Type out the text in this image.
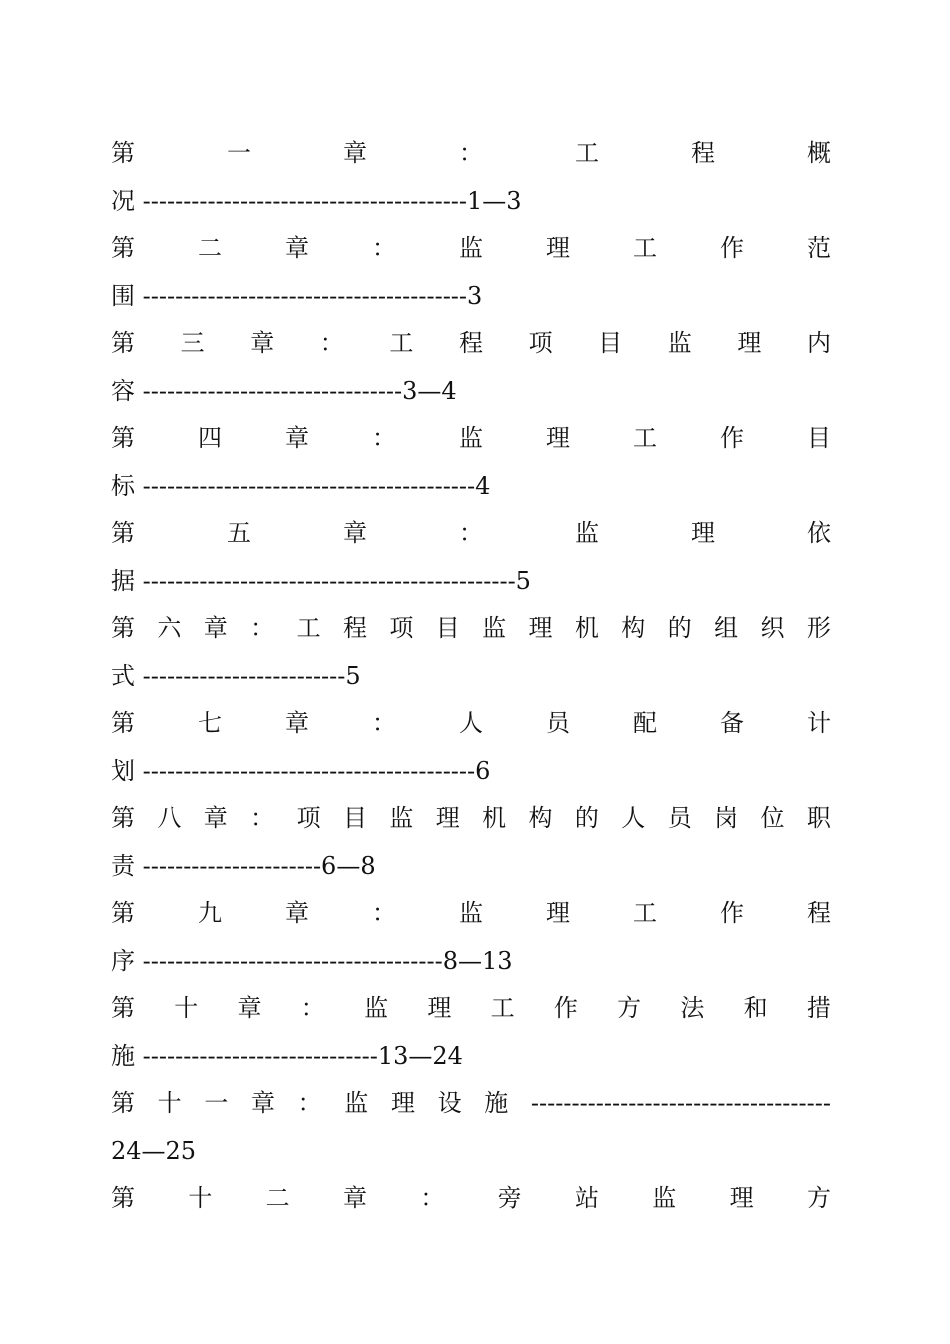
第	一	章	：	工	程	概
况 ----------------------------------------1—3
第	二	章	：	监	理	工	作	范
围 ----------------------------------------3
第 三 章 ： 工 程 项 目 监 理 内
容 --------------------------------3—4
第	四	章	：	监	理	工	作	目
标 -----------------------------------------4
第	五	章	：	监	理	依
据 ----------------------------------------------5
第 六 章 ： 工 程 项 目 监 理 机 构 的 组 织 形
式 -------------------------5
第	七	章	：	人	员	配	备	计
划 -----------------------------------------6
第 八 章 ： 项 目 监 理 机 构 的 人 员 岗 位 职
责 ----------------------6—8
第	九	章	：	监	理	工	作	程
序 -------------------------------------8—13
第 十 章 ： 监 理 工 作 方 法 和 措
施 -----------------------------13—24
第 十 一 章 ： 监 理 设 施 -------------------------------------
24—25
第 十 二 章 ： 旁 站 监 理 方
